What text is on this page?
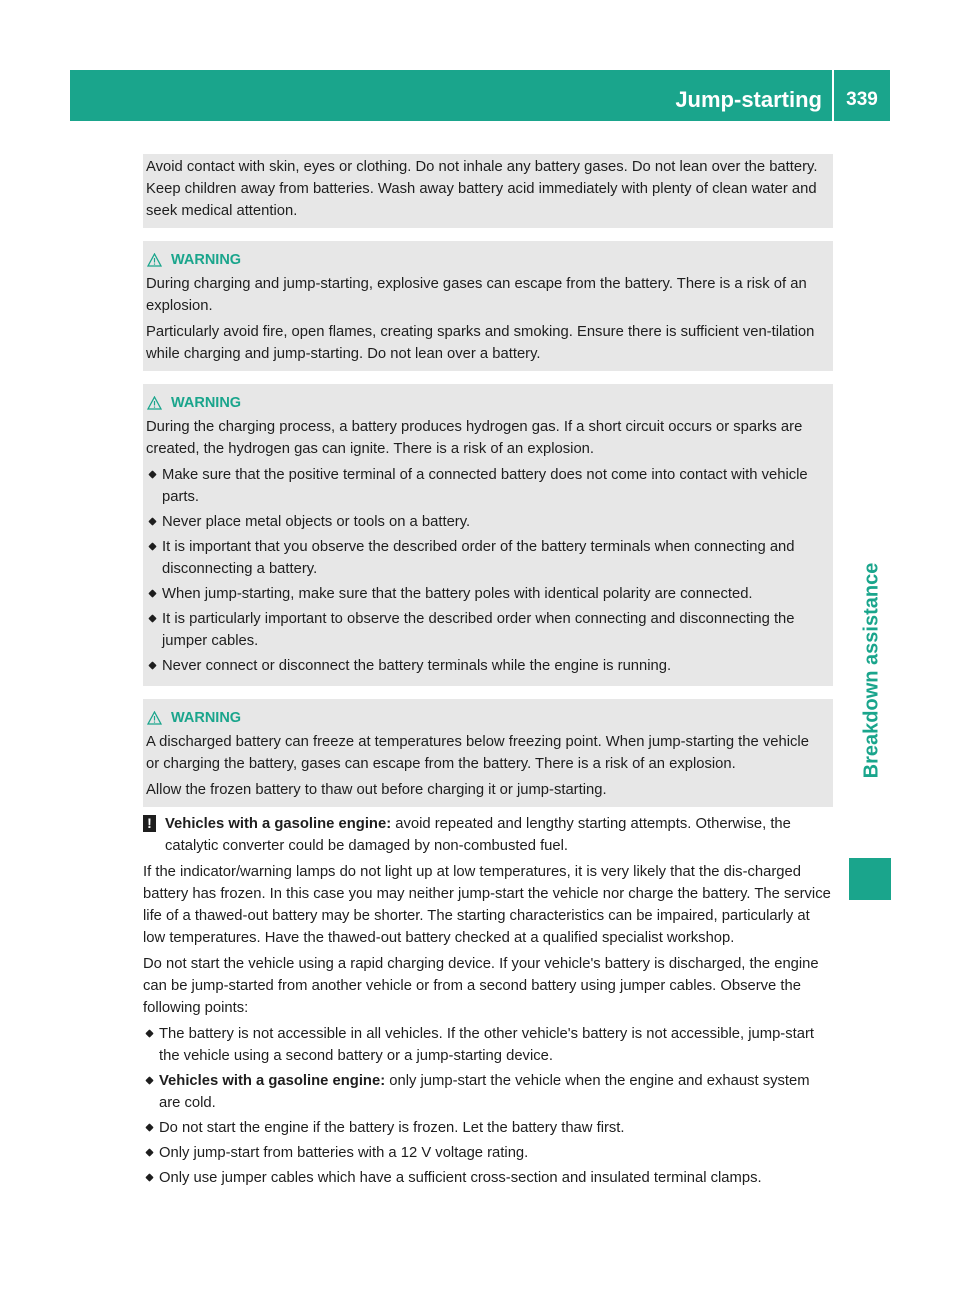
Jump-starting	339
Breakdown assistance

Avoid contact with skin, eyes or clothing. Do not inhale any battery gases. Do not lean over the battery. Keep children away from batteries. Wash away battery acid immediately with plenty of clean water and seek medical attention.

WARNING

During charging and jump-starting, explosive gases can escape from the battery. There is a risk of an explosion.

Particularly avoid fire, open flames, creating sparks and smoking. Ensure there is sufficient ven-tilation while charging and jump-starting. Do not lean over a battery.

WARNING

During the charging process, a battery produces hydrogen gas. If a short circuit occurs or sparks are created, the hydrogen gas can ignite. There is a risk of an explosion.

Make sure that the positive terminal of a connected battery does not come into contact with vehicle parts.
Never place metal objects or tools on a battery.
It is important that you observe the described order of the battery terminals when connecting and disconnecting a battery.
When jump-starting, make sure that the battery poles with identical polarity are connected.
It is particularly important to observe the described order when connecting and disconnecting the jumper cables.
Never connect or disconnect the battery terminals while the engine is running.
WARNING

A discharged battery can freeze at temperatures below freezing point. When jump-starting the vehicle or charging the battery, gases can escape from the battery. There is a risk of an explosion.

Allow the frozen battery to thaw out before charging it or jump-starting.

! Vehicles with a gasoline engine: avoid repeated and lengthy starting attempts. Otherwise, the catalytic converter could be damaged by non-combusted fuel.

If the indicator/warning lamps do not light up at low temperatures, it is very likely that the dis-charged battery has frozen. In this case you may neither jump-start the vehicle nor charge the battery. The service life of a thawed-out battery may be shorter. The starting characteristics can be impaired, particularly at low temperatures. Have the thawed-out battery checked at a qualified specialist workshop.

Do not start the vehicle using a rapid charging device. If your vehicle's battery is discharged, the engine can be jump-started from another vehicle or from a second battery using jumper cables. Observe the following points:

The battery is not accessible in all vehicles. If the other vehicle's battery is not accessible, jump-start the vehicle using a second battery or a jump-starting device.
Vehicles with a gasoline engine: only jump-start the vehicle when the engine and exhaust system are cold.
Do not start the engine if the battery is frozen. Let the battery thaw first.
Only jump-start from batteries with a 12 V voltage rating.
Only use jumper cables which have a sufficient cross-section and insulated terminal clamps.
